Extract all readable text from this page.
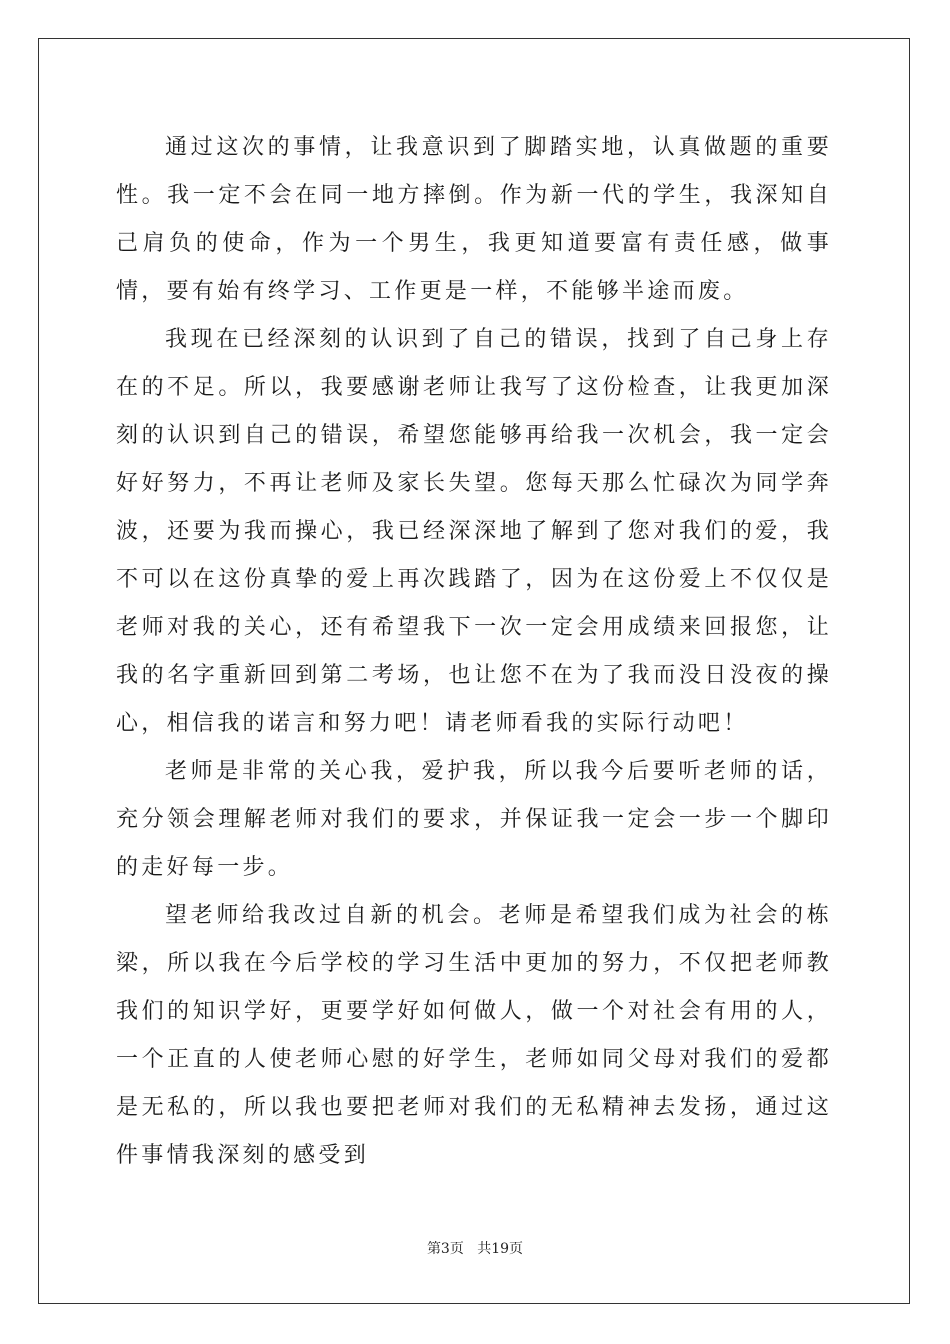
通过这次的事情，让我意识到了脚踏实地，认真做题的重要性。我一定不会在同一地方摔倒。作为新一代的学生，我深知自己肩负的使命，作为一个男生，我更知道要富有责任感，做事情，要有始有终学习、工作更是一样，不能够半途而废。

我现在已经深刻的认识到了自己的错误，找到了自己身上存在的不足。所以，我要感谢老师让我写了这份检查，让我更加深刻的认识到自己的错误，希望您能够再给我一次机会，我一定会好好努力，不再让老师及家长失望。您每天那么忙碌次为同学奔波，还要为我而操心，我已经深深地了解到了您对我们的爱，我不可以在这份真挚的爱上再次践踏了，因为在这份爱上不仅仅是老师对我的关心，还有希望我下一次一定会用成绩来回报您，让我的名字重新回到第二考场，也让您不在为了我而没日没夜的操心，相信我的诺言和努力吧！请老师看我的实际行动吧！

老师是非常的关心我，爱护我，所以我今后要听老师的话，充分领会理解老师对我们的要求，并保证我一定会一步一个脚印的走好每一步。

望老师给我改过自新的机会。老师是希望我们成为社会的栋梁，所以我在今后学校的学习生活中更加的努力，不仅把老师教我们的知识学好，更要学好如何做人，做一个对社会有用的人，一个正直的人使老师心慰的好学生，老师如同父母对我们的爱都是无私的，所以我也要把老师对我们的无私精神去发扬，通过这件事情我深刻的感受到

第3页 共19页
